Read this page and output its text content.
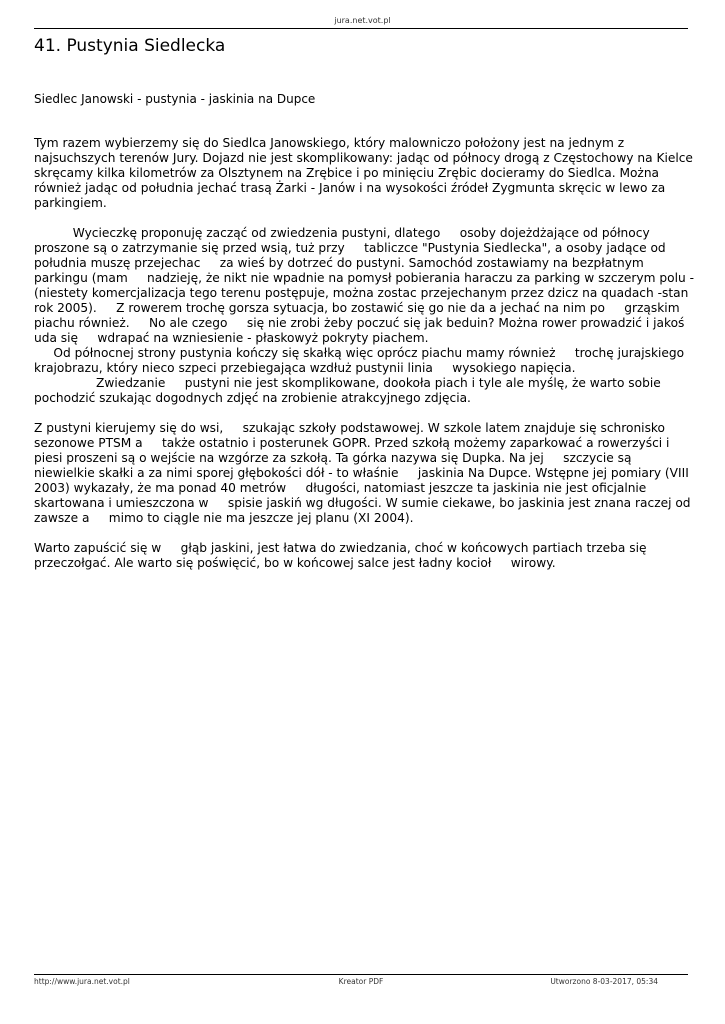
jura.net.vot.pl
41. Pustynia Siedlecka

Siedlec Janowski - pustynia - jaskinia na Dupce

Tym razem wybierzemy się do Siedlca Janowskiego, który malowniczo położony jest na jednym z najsuchszych terenów Jury. Dojazd nie jest skomplikowany: jadąc od północy drogą z Częstochowy na Kielce skręcamy kilka kilometrów za Olsztynem na Zrębice i po minięciu Zrębic docieramy do Siedlca. Można również jadąc od południa jechać trasą Żarki - Janów i na wysokości źródeł Zygmunta skręcic w lewo za parkingiem.

Wycieczkę proponuję zacząć od zwiedzenia pustyni, dlatego     osoby dojeżdżające od północy proszone są o zatrzymanie się przed wsią, tuż przy     tabliczce "Pustynia Siedlecka", a osoby jadące od południa muszę przejechac     za wieś by dotrzeć do pustyni. Samochód zostawiamy na bezpłatnym parkingu (mam     nadzieję, że nikt nie wpadnie na pomysł pobierania haraczu za parking w szczerym polu - (niestety komercjalizacja tego terenu postępuje, można zostac przejechanym przez dzicz na quadach -stan rok 2005).     Z rowerem trochę gorsza sytuacja, bo zostawić się go nie da a jechać na nim po     grząskim piachu również.     No ale czego     się nie zrobi żeby poczuć się jak beduin? Można rower prowadzić i jakoś uda się     wdrapać na wzniesienie - płaskowyż pokryty piachem.
Od północnej strony pustynia kończy się skałką więc oprócz piachu mamy również     trochę jurajskiego krajobrazu, który nieco szpeci przebiegająca wzdłuż pustynii linia     wysokiego napięcia.
Zwiedzanie     pustyni nie jest skomplikowane, dookoła piach i tyle ale myślę, że warto sobie    pochodzić szukając dogodnych zdjęć na zrobienie atrakcyjnego zdjęcia.

Z pustyni kierujemy się do wsi,     szukając szkoły podstawowej. W szkole latem znajduje się schronisko sezonowe PTSM a     także ostatnio i posterunek GOPR. Przed szkołą możemy zaparkować a rowerzyści i    piesi proszeni są o wejście na wzgórze za szkołą. Ta górka nazywa się Dupka. Na jej     szczycie są niewielkie skałki a za nimi sporej głębokości dół - to właśnie     jaskinia Na Dupce. Wstępne jej pomiary (VIII 2003) wykazały, że ma ponad 40 metrów     długości, natomiast jeszcze ta jaskinia nie jest oficjalnie skartowana i umieszczona w     spisie jaskiń wg długości. W sumie ciekawe, bo jaskinia jest znana raczej od zawsze a     mimo to ciągle nie ma jeszcze jej planu (XI 2004).

Warto zapuścić się w     głąb jaskini, jest łatwa do zwiedzania, choć w końcowych partiach trzeba się przeczołgać. Ale warto się poświęcić, bo w końcowej salce jest ładny kocioł     wirowy.

http://www.jura.net.vot.pl	Kreator PDF	Utworzono 8-03-2017, 05:34
